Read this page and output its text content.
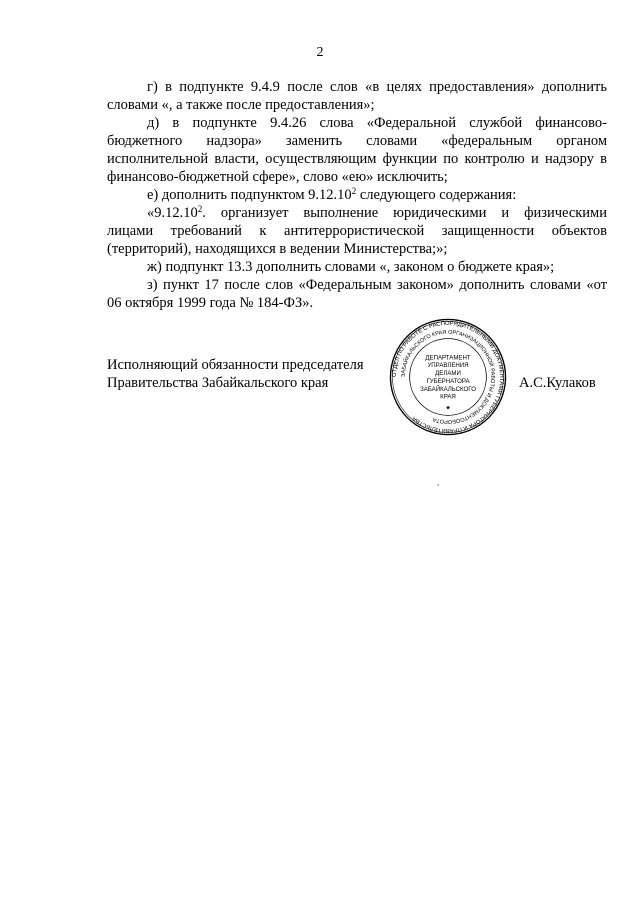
2

г) в подпункте 9.4.9 после слов «в целях предоставления» дополнить
словами «, а также после предоставления»;

д) в подпункте 9.4.26 слова «Федеральной службой финансово-
бюджетного надзора» заменить словами «федеральным органом
исполнительной власти, осуществляющим функции по контролю и надзору в
финансово-бюджетной сфере», слово «ею» исключить;

е) дополнить подпунктом 9.12.10$^2$ следующего содержания:

«9.12.10$^2$. организует выполнение юридическими и физическими
лицами требований к антитеррористической защищенности объектов
(территорий), находящихся в ведении Министерства;»;

ж) подпункт 13.3 дополнить словами «, законом о бюджете края»;

з) пункт 17 после слов «Федеральным законом» дополнить словами «от
06 октября 1999 года № 184-ФЗ».

Исполняющий обязанности председателя
Правительства Забайкальского края	А.С.Кулаков
ОТДЕЛ ПО РАБОТЕ С РАСПОРЯДИТЕЛЬНЫМИ ДОКУМЕНТАМИ ГУБЕРНАТОРА И ПРАВИТЕЛЬСТВА
ЗАБАЙКАЛЬСКОГО КРАЯ ОРГАНИЗАЦИОННОЙ РАБОТЫ И ДОКУМЕНТООБОРОТА
ДЕПАРТАМЕНТ
УПРАВЛЕНИЯ
ДЕЛАМИ
ГУБЕРНАТОРА
ЗАБАЙКАЛЬСКОГО
КРАЯ
★
